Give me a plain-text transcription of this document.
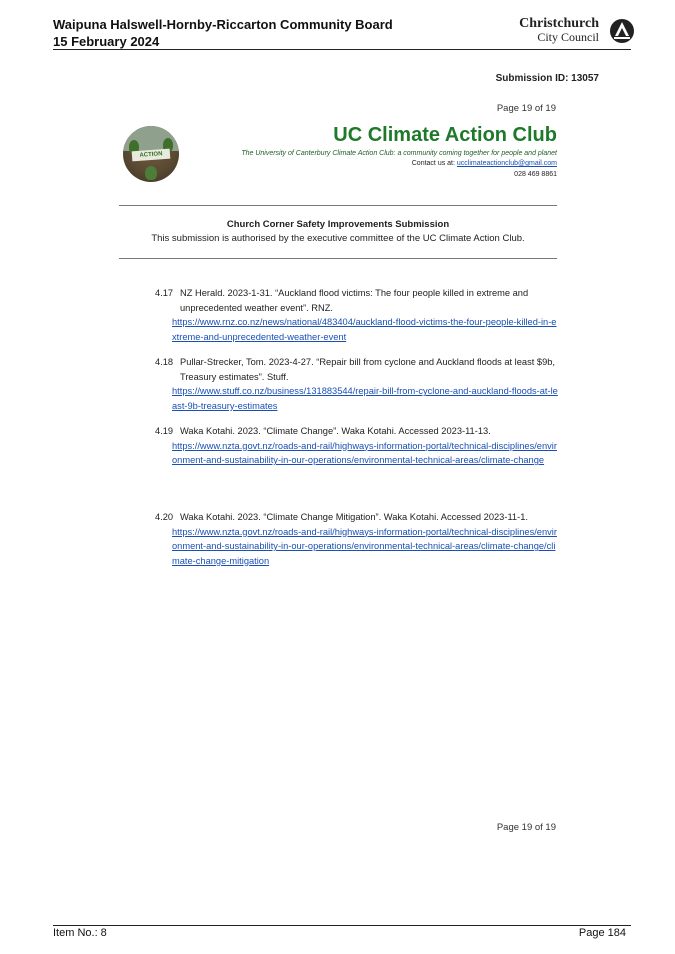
Waipuna Halswell-Hornby-Riccarton Community Board
15 February 2024
Christchurch
City Council
Submission ID: 13057
Page 19 of 19
ACTION
UC Climate Action Club
The University of Canterbury Climate Action Club: a community coming together for people and planet
Contact us at: ucclimateactionclub@gmail.com
028 469 8861
Church Corner Safety Improvements Submission
This submission is authorised by the executive committee of the UC Climate Action Club.
4.17 NZ Herald. 2023-1-31. “Auckland flood victims: The four people killed in extreme and unprecedented weather event”. RNZ.
https://www.rnz.co.nz/news/national/483404/auckland-flood-victims-the-four-people-killed-in-extreme-and-unprecedented-weather-event
4.18 Pullar-Strecker, Tom. 2023-4-27. “Repair bill from cyclone and Auckland floods at least $9b, Treasury estimates”. Stuff.
https://www.stuff.co.nz/business/131883544/repair-bill-from-cyclone-and-auckland-floods-at-least-9b-treasury-estimates
4.19 Waka Kotahi. 2023. “Climate Change”. Waka Kotahi. Accessed 2023-11-13.
https://www.nzta.govt.nz/roads-and-rail/highways-information-portal/technical-disciplines/environment-and-sustainability-in-our-operations/environmental-technical-areas/climate-change
4.20 Waka Kotahi. 2023. “Climate Change Mitigation”. Waka Kotahi. Accessed 2023-11-1.
https://www.nzta.govt.nz/roads-and-rail/highways-information-portal/technical-disciplines/environment-and-sustainability-in-our-operations/environmental-technical-areas/climate-change/climate-change-mitigation
Page 19 of 19
Item No.: 8	Page 184
